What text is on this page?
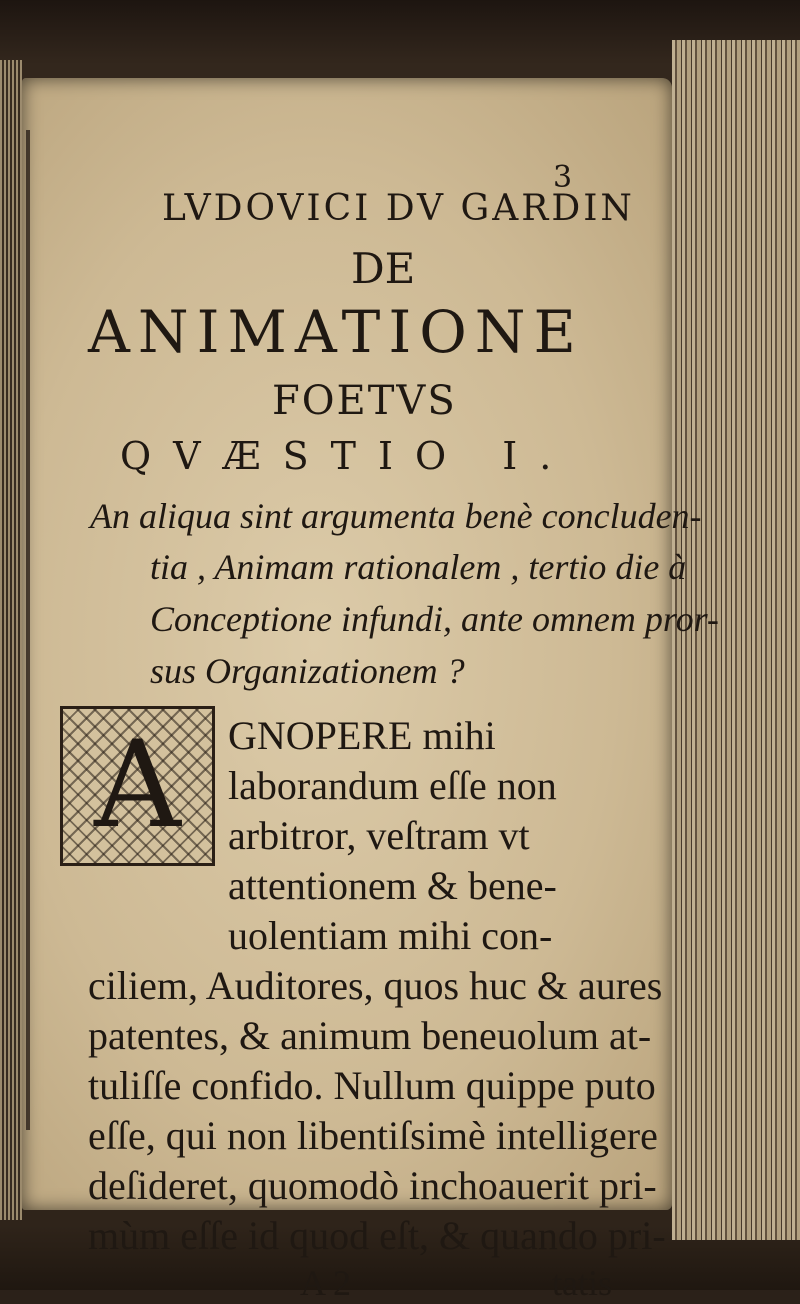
3
LVDOVICI DV GARDIN
DE
ANIMATIONE
FOETVS
QVÆSTIO I.
An aliqua sint argumenta benè concluden-
tia , Animam rationalem , tertio die à
Conceptione infundi, ante omnem pror-
sus Organizationem ?
A GNOPERE mihi
laborandum eſſe non
arbitror, veſtram vt
attentionem & bene-
uolentiam mihi con-
ciliem, Auditores, quos huc & aures
patentes, & animum beneuolum at-
tuliſſe confido. Nullum quippe puto
eſſe, qui non libentiſsimè intelligere
deſideret, quomodò inchoauerit pri-
mùm eſſe id quod eſt, & quando pri-
A 2	tatis
